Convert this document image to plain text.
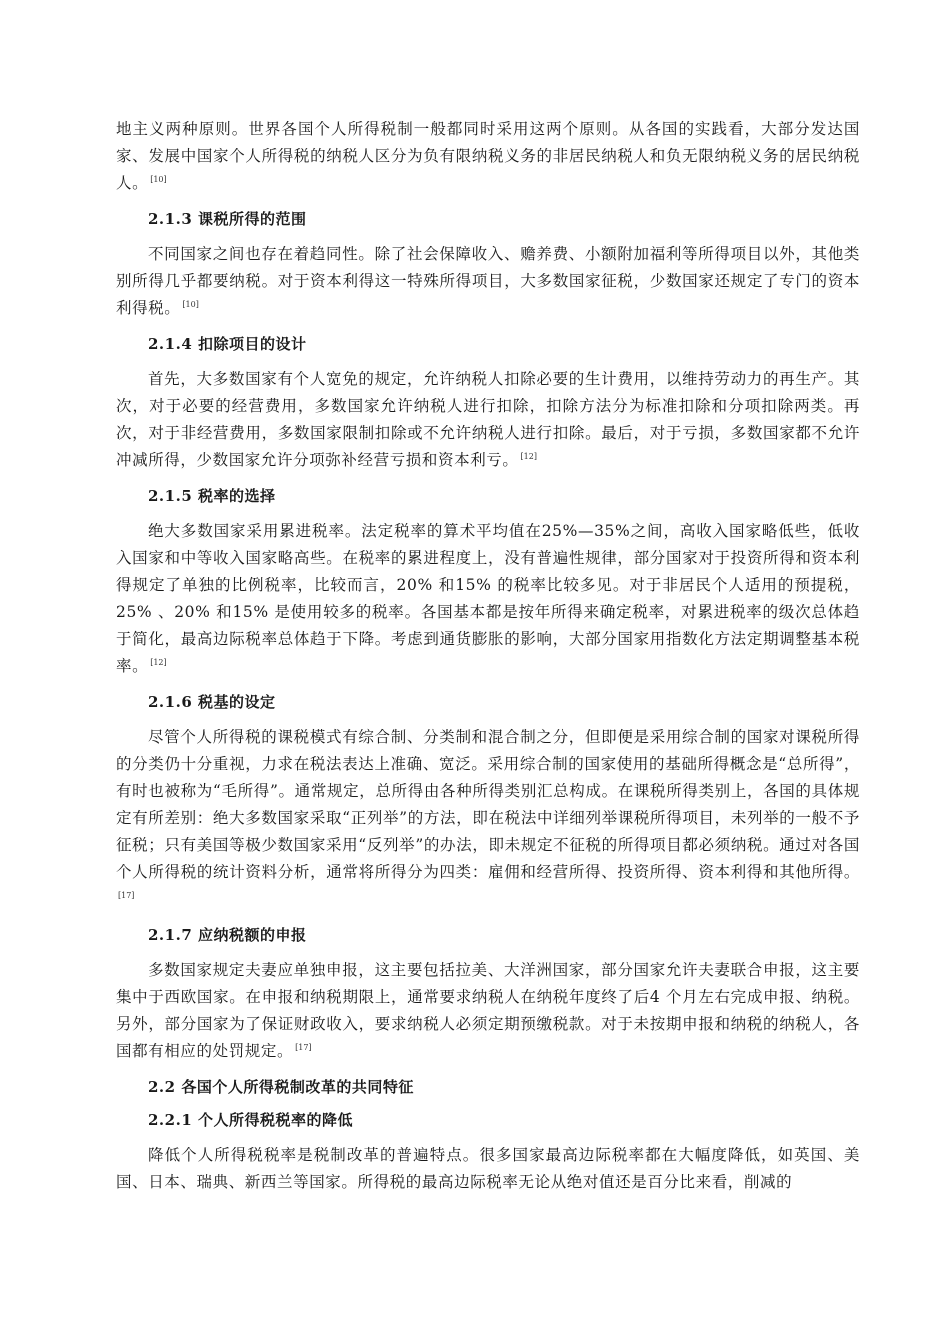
地主义两种原则。世界各国个人所得税制一般都同时采用这两个原则。从各国的实践看，大部分发达国家、发展中国家个人所得税的纳税人区分为负有限纳税义务的非居民纳税人和负无限纳税义务的居民纳税人。 [10]

2.1.3 课税所得的范围

不同国家之间也存在着趋同性。除了社会保障收入、赡养费、小额附加福利等所得项目以外，其他类别所得几乎都要纳税。对于资本利得这一特殊所得项目，大多数国家征税，少数国家还规定了专门的资本利得税。 [10]

2.1.4 扣除项目的设计

首先，大多数国家有个人宽免的规定，允许纳税人扣除必要的生计费用，以维持劳动力的再生产。其次，对于必要的经营费用，多数国家允许纳税人进行扣除，扣除方法分为标准扣除和分项扣除两类。再次，对于非经营费用，多数国家限制扣除或不允许纳税人进行扣除。最后，对于亏损，多数国家都不允许冲减所得，少数国家允许分项弥补经营亏损和资本利亏。 [12]

2.1.5 税率的选择

绝大多数国家采用累进税率。法定税率的算术平均值在25%—35%之间，高收入国家略低些，低收入国家和中等收入国家略高些。在税率的累进程度上，没有普遍性规律，部分国家对于投资所得和资本利得规定了单独的比例税率，比较而言，20% 和15% 的税率比较多见。对于非居民个人适用的预提税，25% 、20% 和15% 是使用较多的税率。各国基本都是按年所得来确定税率，对累进税率的级次总体趋于简化，最高边际税率总体趋于下降。考虑到通货膨胀的影响，大部分国家用指数化方法定期调整基本税率。 [12]

2.1.6 税基的设定

尽管个人所得税的课税模式有综合制、分类制和混合制之分，但即便是采用综合制的国家对课税所得的分类仍十分重视，力求在税法表达上准确、宽泛。采用综合制的国家使用的基础所得概念是“总所得”，有时也被称为“毛所得”。通常规定，总所得由各种所得类别汇总构成。在课税所得类别上，各国的具体规定有所差别：绝大多数国家采取“正列举”的方法，即在税法中详细列举课税所得项目，未列举的一般不予征税；只有美国等极少数国家采用“反列举”的办法，即未规定不征税的所得项目都必须纳税。通过对各国个人所得税的统计资料分析，通常将所得分为四类：雇佣和经营所得、投资所得、资本利得和其他所得。[17]

2.1.7 应纳税额的申报

多数国家规定夫妻应单独申报，这主要包括拉美、大洋洲国家，部分国家允许夫妻联合申报，这主要集中于西欧国家。在申报和纳税期限上，通常要求纳税人在纳税年度终了后4 个月左右完成申报、纳税。另外，部分国家为了保证财政收入，要求纳税人必须定期预缴税款。对于未按期申报和纳税的纳税人，各国都有相应的处罚规定。 [17]

2.2 各国个人所得税制改革的共同特征
2.2.1 个人所得税税率的降低

降低个人所得税税率是税制改革的普遍特点。很多国家最高边际税率都在大幅度降低，如英国、美国、日本、瑞典、新西兰等国家。所得税的最高边际税率无论从绝对值还是百分比来看，削减的
